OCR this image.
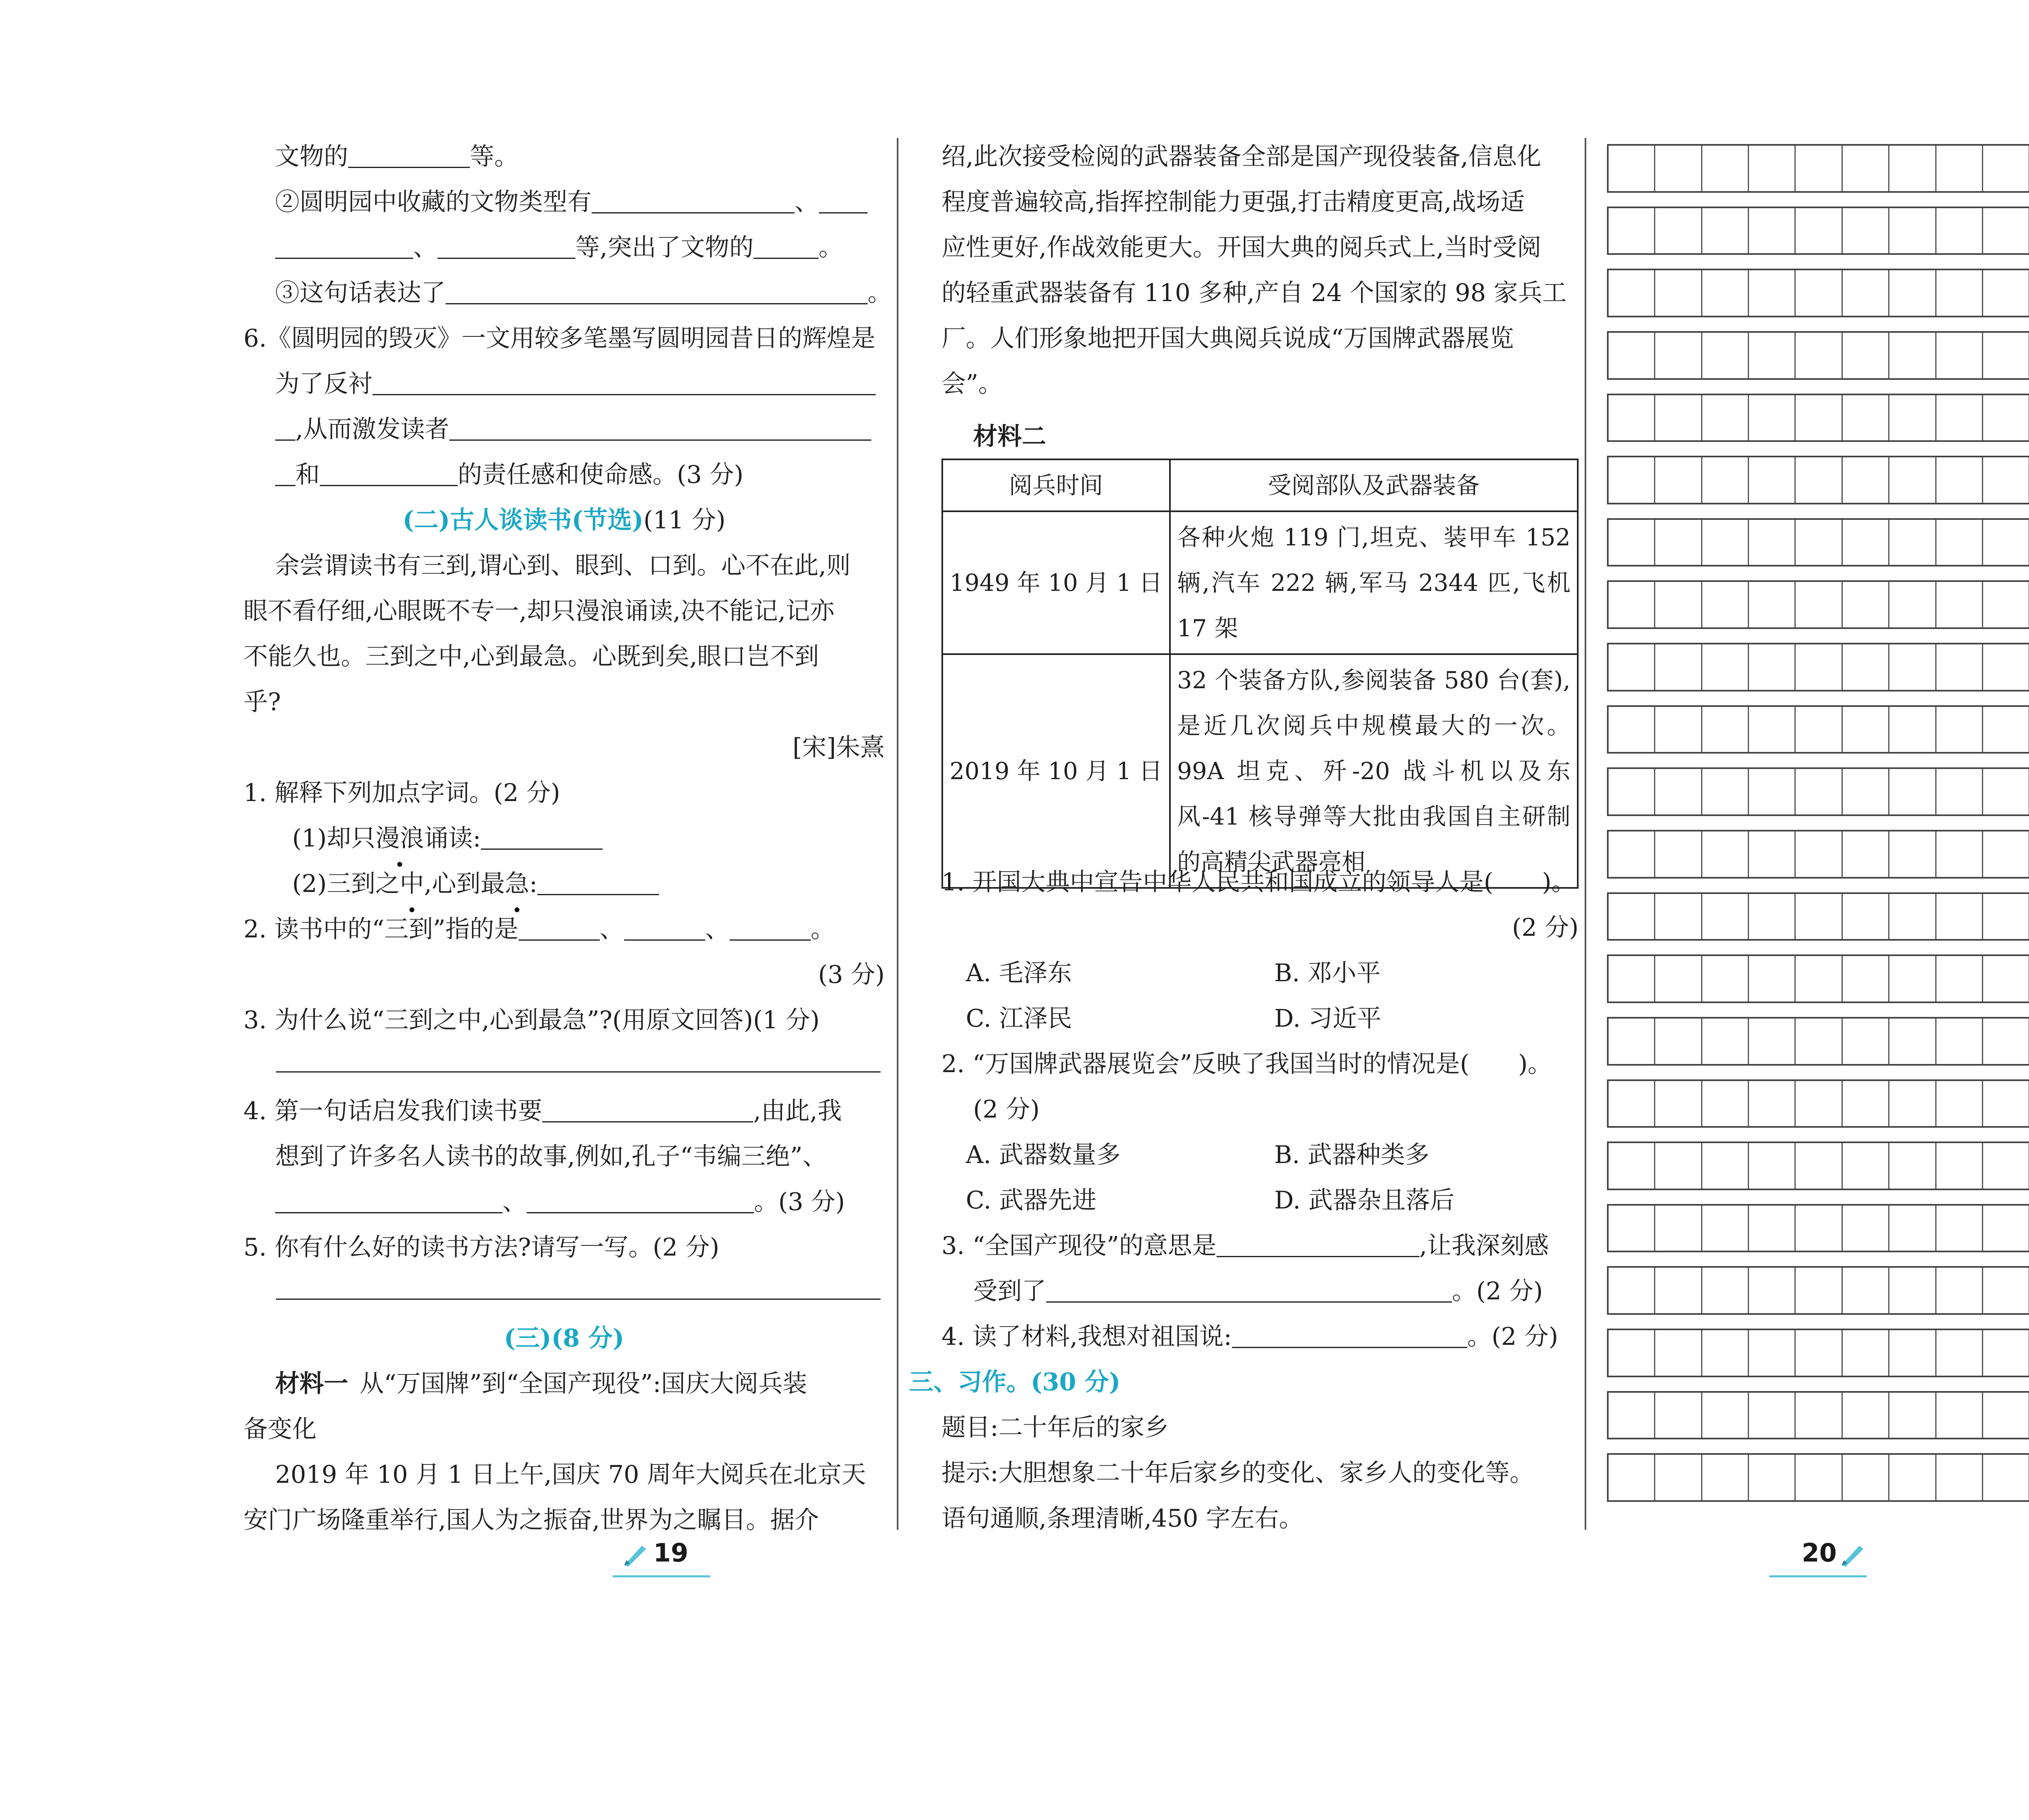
文物的	等。
②圆明园中收藏的文物类型有	、
、	等,突出了文物的	。
③这句话表达了	。
6.《圆明园的毁灭》一文用较多笔墨写圆明园昔日的辉煌是
为了反衬
,从而激发读者
和	的责任感和使命感。(3 分)
(二)古人谈读书(节选)(11 分)
余尝谓读书有三到,谓心到、眼到、口到。心不在此,则
眼不看仔细,心眼既不专一,却只漫浪诵读,决不能记,记亦
不能久也。三到之中,心到最急。心既到矣,眼口岂不到
乎?
[宋]朱熹
1. 解释下列加点字词。(2 分)
(1)却只漫浪诵读:
(2)三到之中,心到最急:
2. 读书中的“三到”指的是	、	、	。
(3 分)
3. 为什么说“三到之中,心到最急”?(用原文回答)(1 分)
4. 第一句话启发我们读书要	,由此,我
想到了许多名人读书的故事,例如,孔子“韦编三绝”、
、	。(3 分)
5. 你有什么好的读书方法?请写一写。(2 分)
(三)(8 分)
材料一 从“万国牌”到“全国产现役”:国庆大阅兵装
备变化
2019 年 10 月 1 日上午,国庆 70 周年大阅兵在北京天
安门广场隆重举行,国人为之振奋,世界为之瞩目。据介
绍,此次接受检阅的武器装备全部是国产现役装备,信息化
程度普遍较高,指挥控制能力更强,打击精度更高,战场适
应性更好,作战效能更大。开国大典的阅兵式上,当时受阅
的轻重武器装备有 110 多种,产自 24 个国家的 98 家兵工
厂。人们形象地把开国大典阅兵说成“万国牌武器展览
会”。
材料二
阅兵时间	受阅部队及武器装备
1949 年 10 月 1 日	各种火炮 119 门,坦克、装甲车 152 辆,汽车 222 辆,军马 2344 匹,飞机 17 架
2019 年 10 月 1 日	32 个装备方队,参阅装备 580 台(套),是近几次阅兵中规模最大的一次。99A 坦克、歼-20 战斗机以及东风-41 核导弹等大批由我国自主研制的高精尖武器亮相
1. 开国大典中宣告中华人民共和国成立的领导人是( )。
(2 分)
A. 毛泽东	B. 邓小平
C. 江泽民	D. 习近平
2. “万国牌武器展览会”反映了我国当时的情况是( )。
(2 分)
A. 武器数量多	B. 武器种类多
C. 武器先进	D. 武器杂且落后
3. “全国产现役”的意思是	,让我深刻感
受到了	。(2 分)
4. 读了材料,我想对祖国说:	。(2 分)
三、习作。(30 分)
题目:二十年后的家乡
提示:大胆想象二十年后家乡的变化、家乡人的变化等。
语句通顺,条理清晰,450 字左右。
19	20
